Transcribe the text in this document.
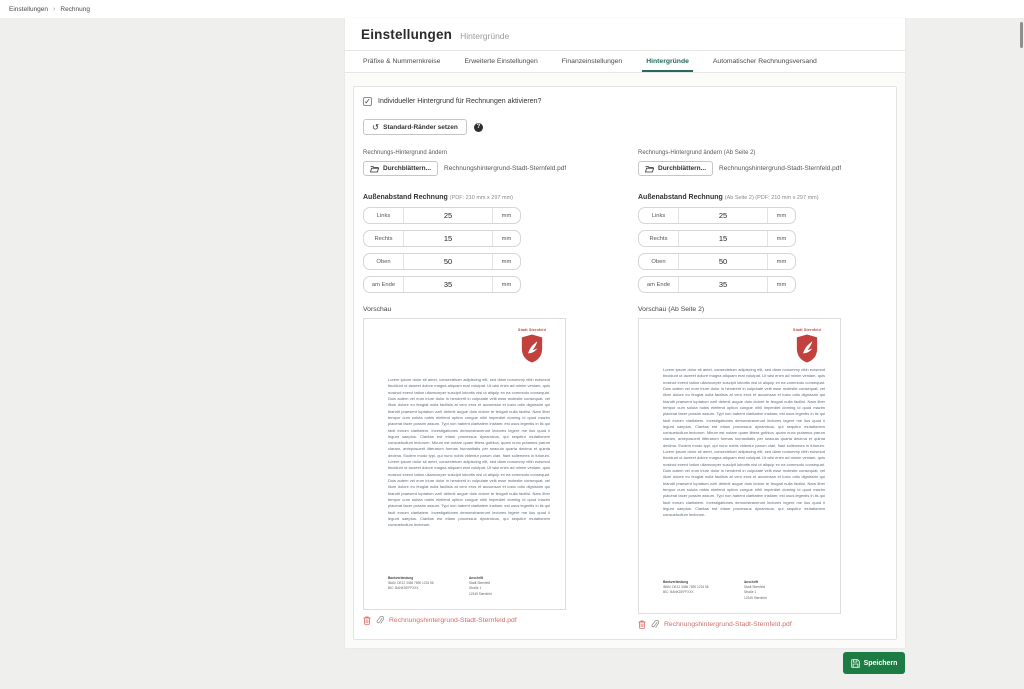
Einstellungen › Rechnung
Einstellungen Hintergründe
Präfixe & Nummernkreise	Erweiterte Einstellungen	Finanzeinstellungen	Hintergründe	Automatischer Rechnungsversand
✓ Individueller Hintergrund für Rechnungen aktivieren?
↺ Standard-Ränder setzen	?
Rechnungs-Hintergrund ändern
Durchblättern... Rechnungshintergrund-Stadt-Sternfeld.pdf
Außenabstand Rechnung (PDF: 210 mm x 297 mm)
Links	25	mm
Rechts	15	mm
Oben	50	mm
am Ende	35	mm
Vorschau
Stadt Sternfeld
Lorem ipsum dolor sit amet, consectetuer adipiscing elit, sed diam nonummy nibh euismod tincidunt ut laoreet dolore magna aliquam erat volutpat. Ut wisi enim ad minim veniam, quis nostrud exerci tation ullamcorper suscipit lobortis nisl ut aliquip ex ea commodo consequat. Duis autem vel eum iriure dolor in hendrerit in vulputate velit esse molestie consequat, vel illum dolore eu feugiat nulla facilisis at vero eros et accumsan et iusto odio dignissim qui blandit praesent luptatum zzril delenit augue duis dolore te feugait nulla facilisi. Nam liber tempor cum soluta nobis eleifend option congue nihil imperdiet doming id quod mazim placerat facer possim assum. Typi non habent claritatem insitam; est usus legentis in iis qui facit eorum claritatem. Investigationes demonstraverunt lectores legere me lius quod ii legunt saepius. Claritas est etiam processus dynamicus, qui sequitur mutationem consuetudium lectorum. Mirum est notare quam littera gothica, quam nunc putamus parum claram, anteposuerit litterarum formas humanitatis per seacula quarta decima et quinta decima. Eodem modo typi, qui nunc nobis videntur parum clari, fiant sollemnes in futurum. Lorem ipsum dolor sit amet, consectetuer adipiscing elit, sed diam nonummy nibh euismod tincidunt ut laoreet dolore magna aliquam erat volutpat. Ut wisi enim ad minim veniam, quis nostrud exerci tation ullamcorper suscipit lobortis nisl ut aliquip ex ea commodo consequat. Duis autem vel eum iriure dolor in hendrerit in vulputate velit esse molestie consequat, vel illum dolore eu feugiat nulla facilisis at vero eros et accumsan et iusto odio dignissim qui blandit praesent luptatum zzril delenit augue duis dolore te feugait nulla facilisi. Nam liber tempor cum soluta nobis eleifend option congue nihil imperdiet doming id quod mazim placerat facer possim assum. Typi non habent claritatem insitam; est usus legentis in iis qui facit eorum claritatem. Investigationes demonstraverunt lectores legere me lius quod ii legunt saepius. Claritas est etiam processus dynamicus, qui sequitur mutationem consuetudium lectorum.
Bankverbindung
IBAN: DE12 3456 7890 1234 56
BIC: BANKDEFFXXX
Anschrift
Stadt Sternfeld
Straße 1
12345 Sternfeld
Rechnungshintergrund-Stadt-Sternfeld.pdf
Rechnungs-Hintergrund ändern (Ab Seite 2)
Durchblättern... Rechnungshintergrund-Stadt-Sternfeld.pdf
Außenabstand Rechnung (Ab Seite 2) (PDF: 210 mm x 297 mm)
Links	25	mm
Rechts	15	mm
Oben	50	mm
am Ende	35	mm
Vorschau (Ab Seite 2)
Stadt Sternfeld
Lorem ipsum dolor sit amet, consectetuer adipiscing elit, sed diam nonummy nibh euismod tincidunt ut laoreet dolore magna aliquam erat volutpat. Ut wisi enim ad minim veniam, quis nostrud exerci tation ullamcorper suscipit lobortis nisl ut aliquip ex ea commodo consequat. Duis autem vel eum iriure dolor in hendrerit in vulputate velit esse molestie consequat, vel illum dolore eu feugiat nulla facilisis at vero eros et accumsan et iusto odio dignissim qui blandit praesent luptatum zzril delenit augue duis dolore te feugait nulla facilisi. Nam liber tempor cum soluta nobis eleifend option congue nihil imperdiet doming id quod mazim placerat facer possim assum. Typi non habent claritatem insitam; est usus legentis in iis qui facit eorum claritatem. Investigationes demonstraverunt lectores legere me lius quod ii legunt saepius. Claritas est etiam processus dynamicus, qui sequitur mutationem consuetudium lectorum. Mirum est notare quam littera gothica, quam nunc putamus parum claram, anteposuerit litterarum formas humanitatis per seacula quarta decima et quinta decima. Eodem modo typi, qui nunc nobis videntur parum clari, fiant sollemnes in futurum. Lorem ipsum dolor sit amet, consectetuer adipiscing elit, sed diam nonummy nibh euismod tincidunt ut laoreet dolore magna aliquam erat volutpat. Ut wisi enim ad minim veniam, quis nostrud exerci tation ullamcorper suscipit lobortis nisl ut aliquip ex ea commodo consequat. Duis autem vel eum iriure dolor in hendrerit in vulputate velit esse molestie consequat, vel illum dolore eu feugiat nulla facilisis at vero eros et accumsan et iusto odio dignissim qui blandit praesent luptatum zzril delenit augue duis dolore te feugait nulla facilisi. Nam liber tempor cum soluta nobis eleifend option congue nihil imperdiet doming id quod mazim placerat facer possim assum. Typi non habent claritatem insitam; est usus legentis in iis qui facit eorum claritatem. Investigationes demonstraverunt lectores legere me lius quod ii legunt saepius. Claritas est etiam processus dynamicus, qui sequitur mutationem consuetudium lectorum.
Bankverbindung
IBAN: DE12 3456 7890 1234 56
BIC: BANKDEFFXXX
Anschrift
Stadt Sternfeld
Straße 1
12345 Sternfeld
Rechnungshintergrund-Stadt-Sternfeld.pdf
Speichern
